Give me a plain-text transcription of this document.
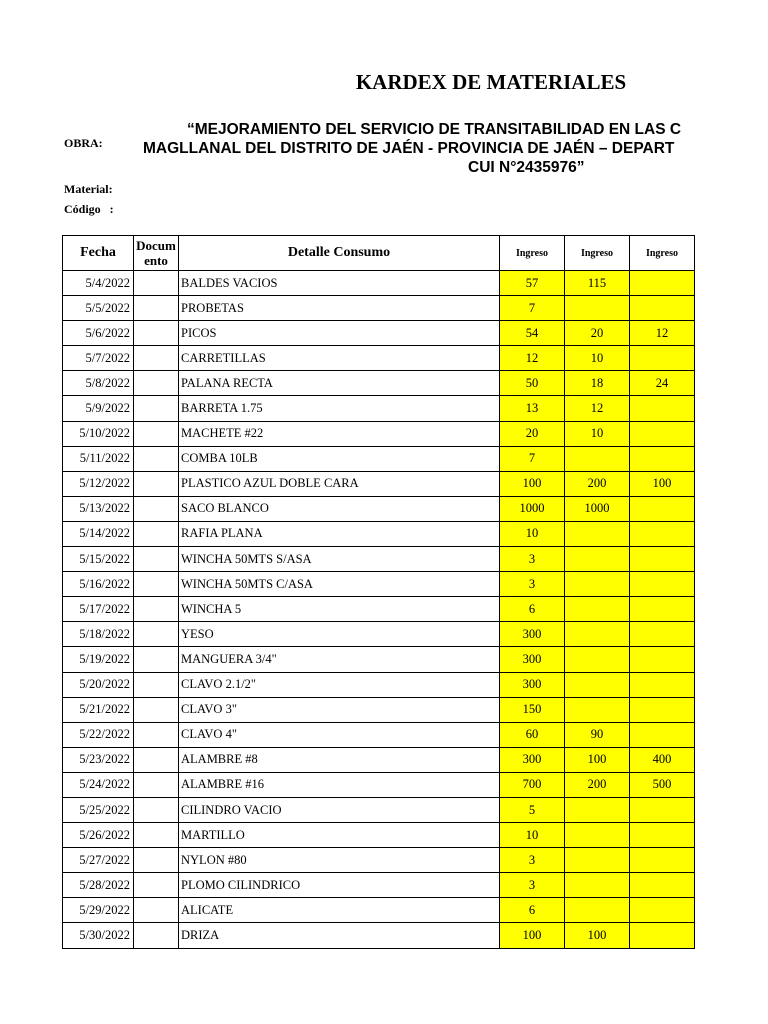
KARDEX DE MATERIALES
OBRA:
“MEJORAMIENTO DEL SERVICIO DE TRANSITABILIDAD EN LAS C
MAGLLANAL DEL DISTRITO DE JAÉN - PROVINCIA DE JAÉN – DEPART
CUI N°2435976”
Material:
Código   :
Fecha	Docum ento	Detalle Consumo	Ingreso	Ingreso	Ingreso
5/4/2022		BALDES VACIOS	57	115	
5/5/2022		PROBETAS	7		
5/6/2022		PICOS	54	20	12
5/7/2022		CARRETILLAS	12	10	
5/8/2022		PALANA RECTA	50	18	24
5/9/2022		BARRETA 1.75	13	12	
5/10/2022		MACHETE #22	20	10	
5/11/2022		COMBA 10LB	7		
5/12/2022		PLASTICO AZUL DOBLE CARA	100	200	100
5/13/2022		SACO BLANCO	1000	1000	
5/14/2022		RAFIA PLANA	10		
5/15/2022		WINCHA 50MTS S/ASA	3		
5/16/2022		WINCHA 50MTS C/ASA	3		
5/17/2022		WINCHA 5	6		
5/18/2022		YESO	300		
5/19/2022		MANGUERA 3/4"	300		
5/20/2022		CLAVO 2.1/2"	300		
5/21/2022		CLAVO 3"	150		
5/22/2022		CLAVO 4"	60	90	
5/23/2022		ALAMBRE #8	300	100	400
5/24/2022		ALAMBRE #16	700	200	500
5/25/2022		CILINDRO VACIO	5		
5/26/2022		MARTILLO	10		
5/27/2022		NYLON #80	3		
5/28/2022		PLOMO CILINDRICO	3		
5/29/2022		ALICATE	6		
5/30/2022		DRIZA	100	100	
